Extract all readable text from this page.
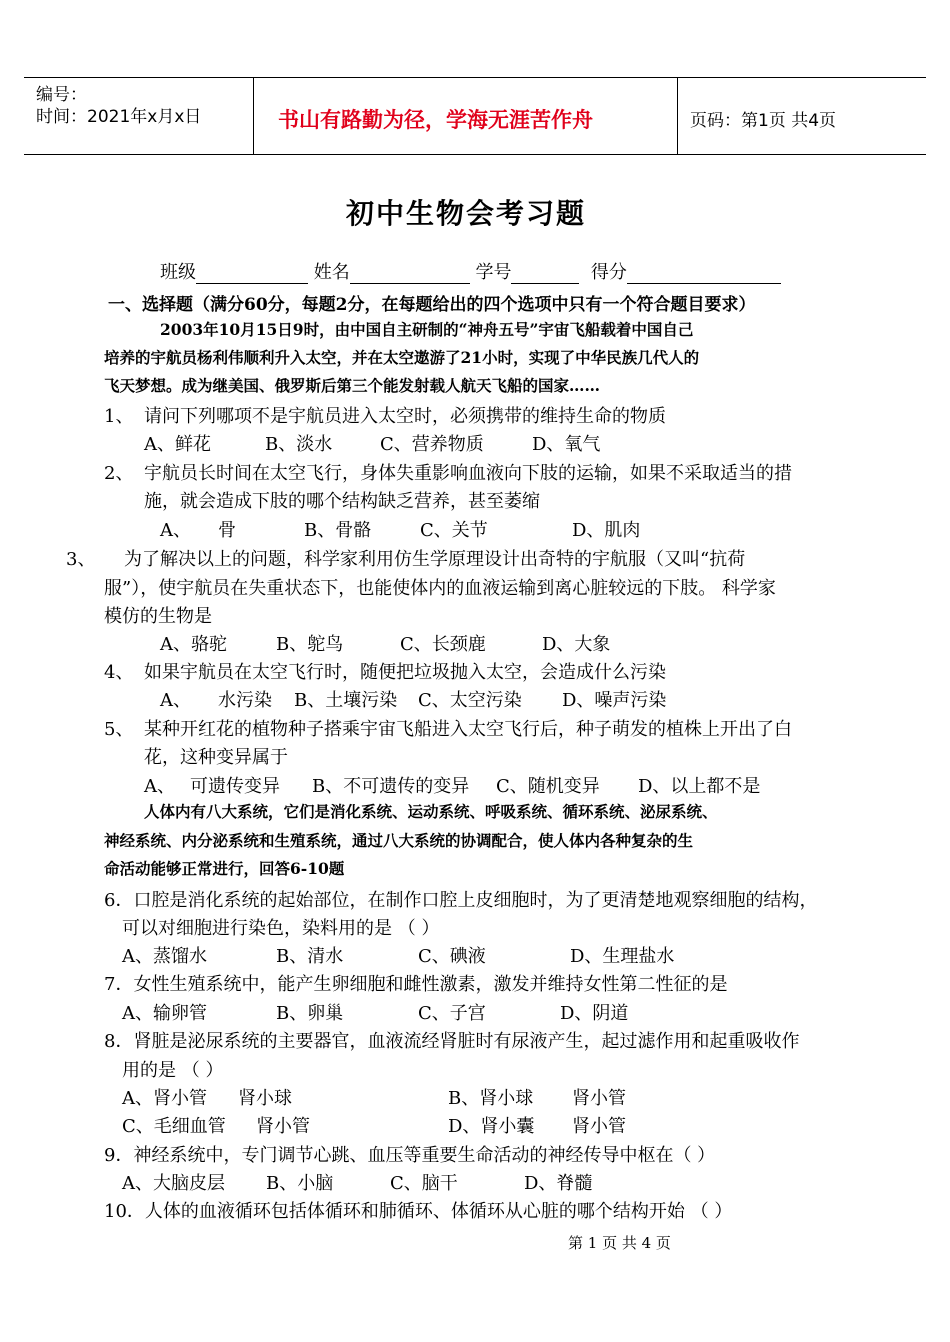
编号：
时间：2021年x月x日	书山有路勤为径，学海无涯苦作舟	页码：第1页 共4页
初中生物会考习题
班级	姓名	学号	得分
一、选择题（满分60分，每题2分，在每题给出的四个选项中只有一个符合题目要求）
2003年10月15日9时，由中国自主研制的“神舟五号”宇宙飞船载着中国自己
培养的宇航员杨利伟顺利升入太空，并在太空遨游了21小时，实现了中华民族几代人的
飞天梦想。成为继美国、俄罗斯后第三个能发射载人航天飞船的国家……
1、 请问下列哪项不是宇航员进入太空时，必须携带的维持生命的物质
A、鲜花	B、淡水	C、营养物质	D、氧气
2、 宇航员长时间在太空飞行，身体失重影响血液向下肢的运输，如果不采取适当的措
施，就会造成下肢的哪个结构缺乏营养，甚至萎缩
A、 骨	B、骨骼	C、关节	D、肌肉
3、 为了解决以上的问题，科学家利用仿生学原理设计出奇特的宇航服（又叫“抗荷
服”），使宇航员在失重状态下，也能使体内的血液运输到离心脏较远的下肢。 科学家
模仿的生物是
A、骆驼	B、鸵鸟	C、长颈鹿	D、大象
4、 如果宇航员在太空飞行时，随便把垃圾抛入太空，会造成什么污染
A、 水污染 B、土壤污染 C、太空污染 D、噪声污染
5、 某种开红花的植物种子搭乘宇宙飞船进入太空飞行后，种子萌发的植株上开出了白
花，这种变异属于
A、 可遗传变异 B、不可遗传的变异 C、随机变异 D、以上都不是
人体内有八大系统，它们是消化系统、运动系统、呼吸系统、循环系统、泌尿系统、
神经系统、内分泌系统和生殖系统，通过八大系统的协调配合，使人体内各种复杂的生
命活动能够正常进行，回答6-10题
6．口腔是消化系统的起始部位，在制作口腔上皮细胞时，为了更清楚地观察细胞的结构，
可以对细胞进行染色，染料用的是 （ ）
A、蒸馏水	B、清水	C、碘液	D、生理盐水
7．女性生殖系统中，能产生卵细胞和雌性激素，激发并维持女性第二性征的是
A、输卵管	B、卵巢	C、子宫	D、阴道
8．肾脏是泌尿系统的主要器官，血液流经肾脏时有尿液产生，起过滤作用和起重吸收作
用的是 （ ）
A、肾小管 肾小球	B、肾小球 肾小管
C、毛细血管 肾小管	D、肾小囊 肾小管
9．神经系统中，专门调节心跳、血压等重要生命活动的神经传导中枢在（ ）
A、大脑皮层 B、小脑	C、脑干	D、脊髓
10．人体的血液循环包括体循环和肺循环、体循环从心脏的哪个结构开始 （ ）
第 1 页 共 4 页
